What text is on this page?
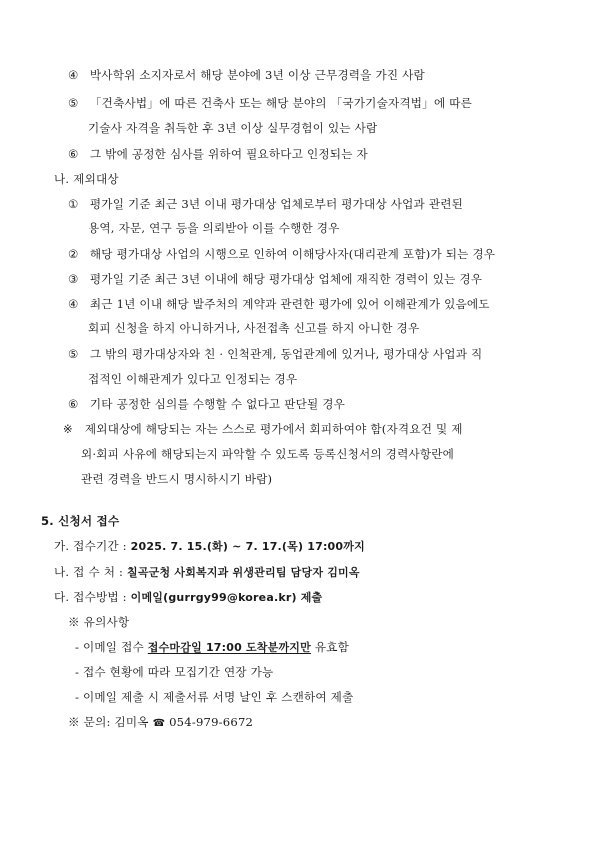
④ 박사학위 소지자로서 해당 분야에 3년 이상 근무경력을 가진 사람
⑤ 「건축사법」에 따른 건축사 또는 해당 분야의 「국가기술자격법」에 따른
기술사 자격을 취득한 후 3년 이상 실무경험이 있는 사람
⑥ 그 밖에 공정한 심사를 위하여 필요하다고 인정되는 자
나. 제외대상
① 평가일 기준 최근 3년 이내 평가대상 업체로부터 평가대상 사업과 관련된
용역, 자문, 연구 등을 의뢰받아 이를 수행한 경우
② 해당 평가대상 사업의 시행으로 인하여 이해당사자(대리관계 포함)가 되는 경우
③ 평가일 기준 최근 3년 이내에 해당 평가대상 업체에 재직한 경력이 있는 경우
④ 최근 1년 이내 해당 발주처의 계약과 관련한 평가에 있어 이해관계가 있음에도
회피 신청을 하지 아니하거나, 사전접촉 신고를 하지 아니한 경우
⑤ 그 밖의 평가대상자와 친 · 인척관계, 동업관계에 있거나, 평가대상 사업과 직
접적인 이해관계가 있다고 인정되는 경우
⑥ 기타 공정한 심의를 수행할 수 없다고 판단될 경우
※ 제외대상에 해당되는 자는 스스로 평가에서 회피하여야 함(자격요건 및 제
외·회피 사유에 해당되는지 파악할 수 있도록 등록신청서의 경력사항란에
관련 경력을 반드시 명시하시기 바람)
5. 신청서 접수
가. 접수기간 : 2025. 7. 15.(화) ~ 7. 17.(목) 17:00까지
나. 접 수 처 : 칠곡군청 사회복지과 위생관리팀 담당자 김미옥
다. 접수방법 : 이메일(gurrgy99@korea.kr) 제출
※ 유의사항
- 이메일 접수 접수마감일 17:00 도착분까지만 유효함
- 접수 현황에 따라 모집기간 연장 가능
- 이메일 제출 시 제출서류 서명 날인 후 스캔하여 제출
※ 문의: 김미옥 ☎ 054-979-6672
